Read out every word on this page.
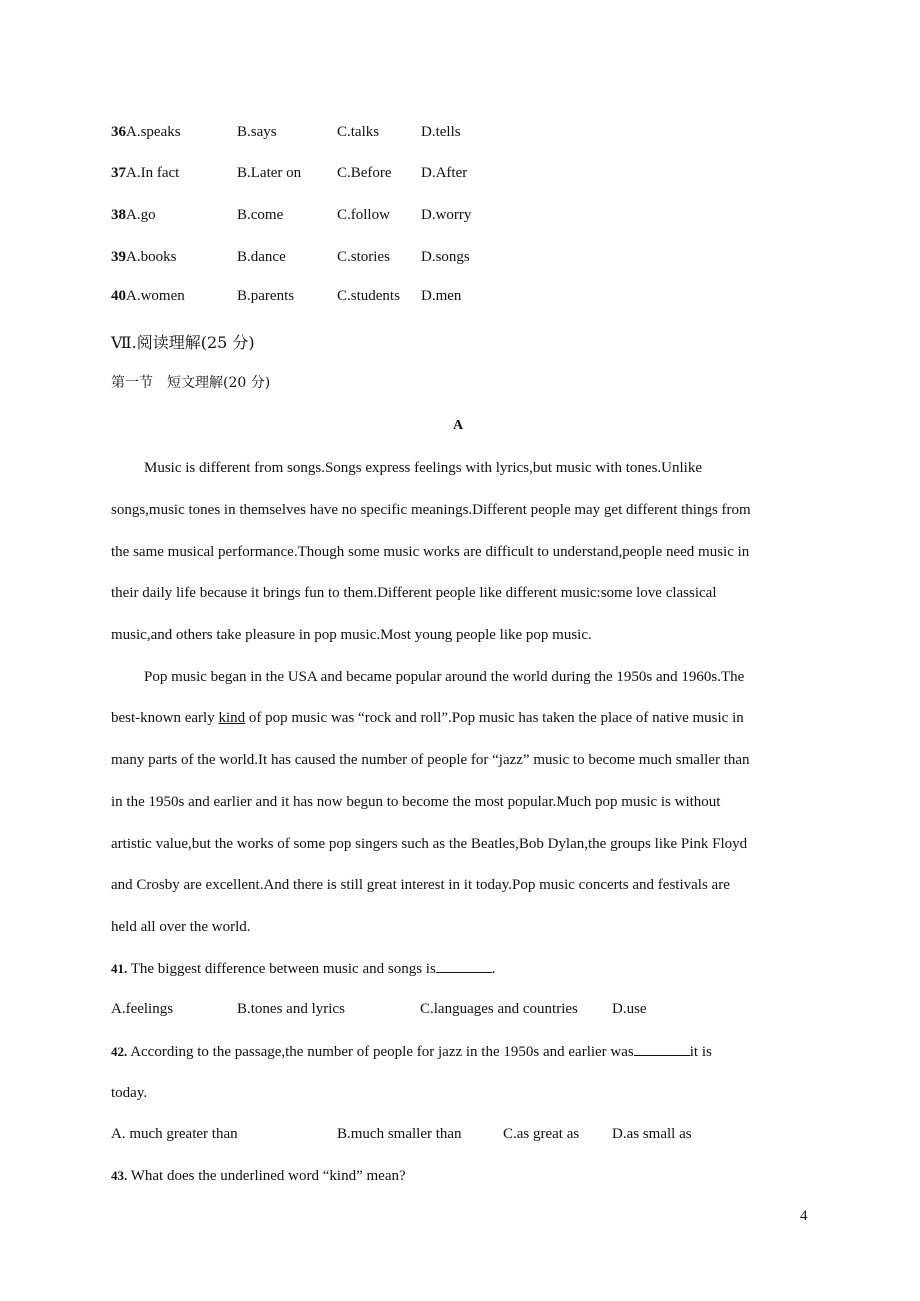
36A.speaks	B.says	C.talks	D.tells
37A.In fact	B.Later on C.Before D.After
38A.go	B.come	C.follow D.worry
39A.books	B.dance	C.stories D.songs
40A.women	B.parents	C.students D.men
Ⅶ.阅读理解(25 分)
第一节　短文理解(20 分)
A
Music is different from songs.Songs express feelings with lyrics,but music with tones.Unlike
songs,music tones in themselves have no specific meanings.Different people may get different things from
the same musical performance.Though some music works are difficult to understand,people need music in
their daily life because it brings fun to them.Different people like different music:some love classical
music,and others take pleasure in pop music.Most young people like pop music.
Pop music began in the USA and became popular around the world during the 1950s and 1960s.The
best-known early kind of pop music was “rock and roll”.Pop music has taken the place of native music in
many parts of the world.It has caused the number of people for “jazz” music to become much smaller than
in the 1950s and earlier and it has now begun to become the most popular.Much pop music is without
artistic value,but the works of some pop singers such as the Beatles,Bob Dylan,the groups like Pink Floyd
and Crosby are excellent.And there is still great interest in it today.Pop music concerts and festivals are
held all over the world.
41. The biggest difference between music and songs is	.
A.feelings	B.tones and lyrics	C.languages and countries D.use
42. According to the passage,the number of people for jazz in the 1950s and earlier was	it is
today.
A. much greater than	B.much smaller than	C.as great as D.as small as
43. What does the underlined word “kind” mean?
4
